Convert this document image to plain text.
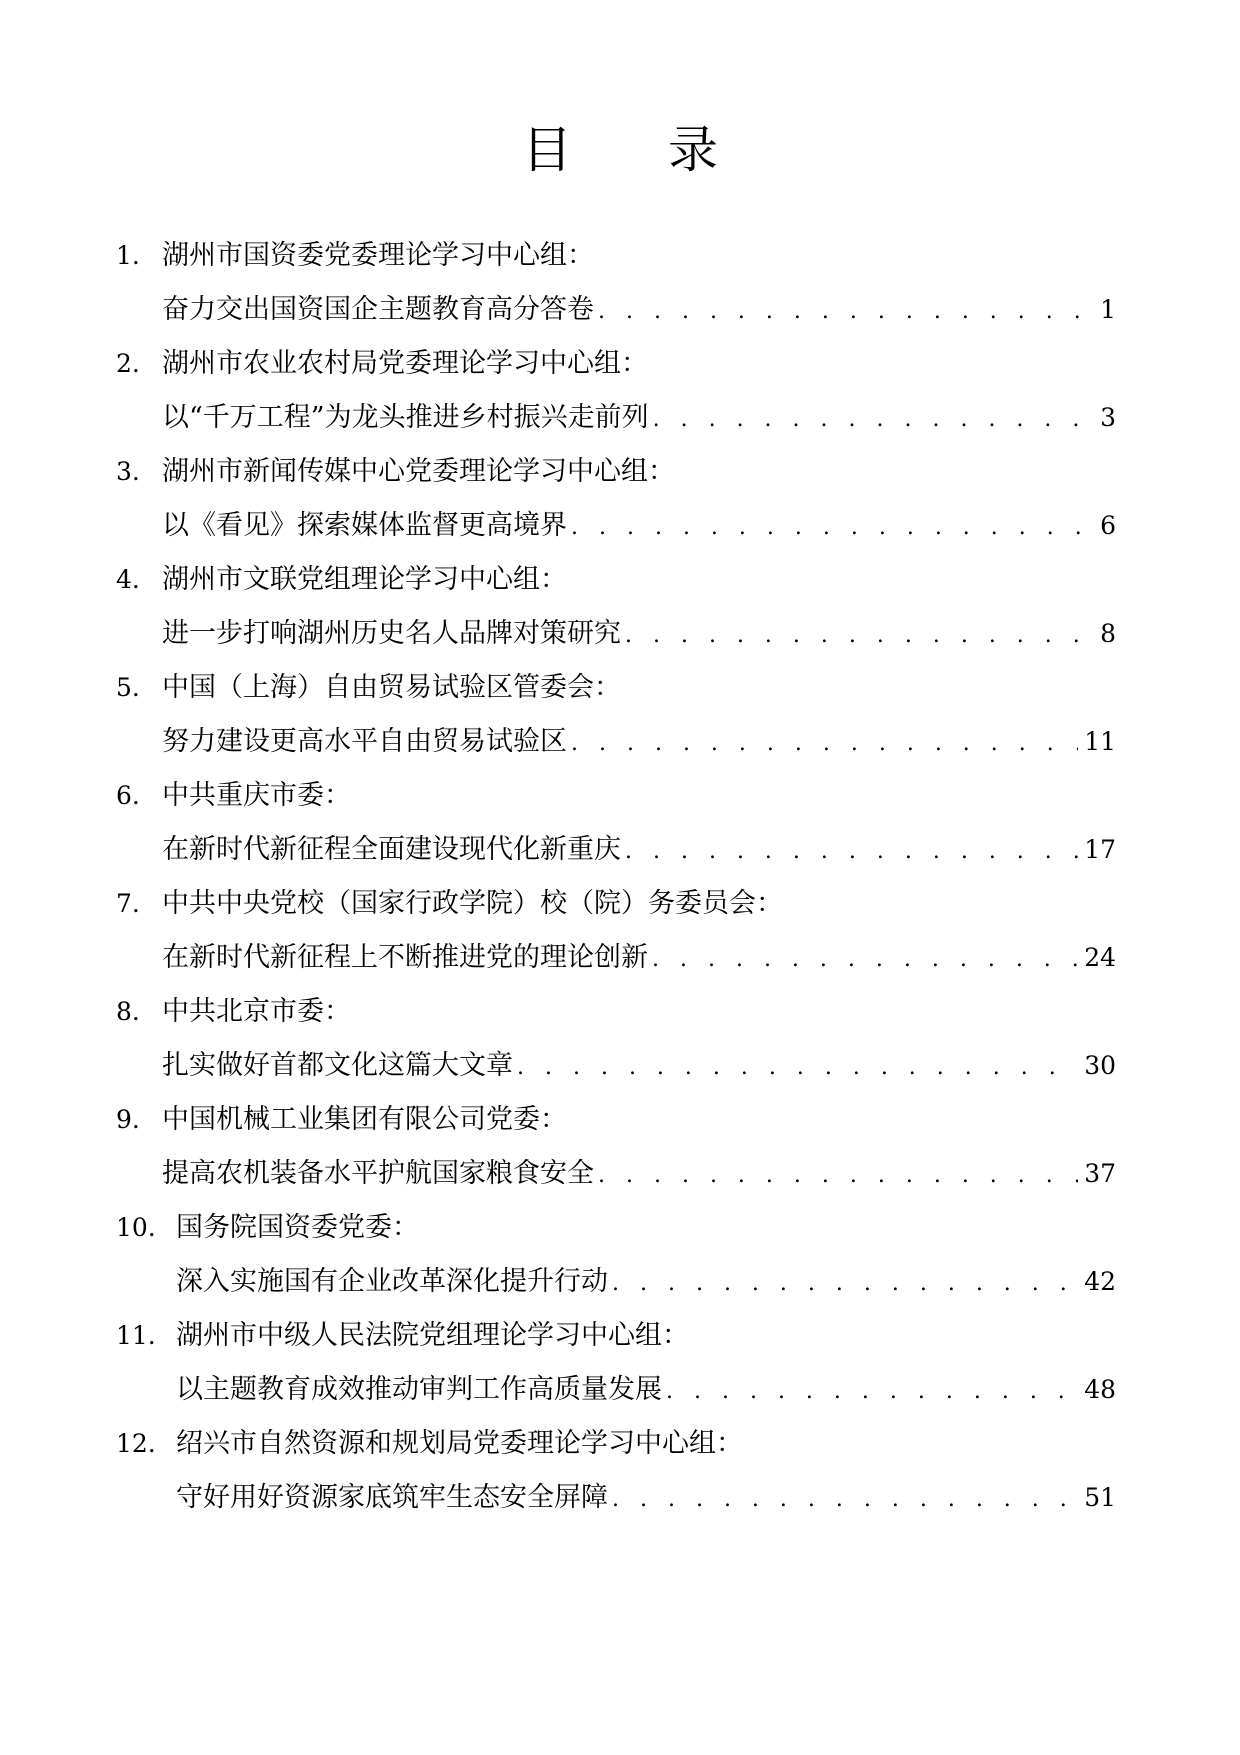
目 录
1. 湖州市国资委党委理论学习中心组：
奋力交出国资国企主题教育高分答卷 . . .	1
2. 湖州市农业农村局党委理论学习中心组：
以“千万工程”为龙头推进乡村振兴走前列 . . .	3
3. 湖州市新闻传媒中心党委理论学习中心组：
以《看见》探索媒体监督更高境界 . . .	6
4. 湖州市文联党组理论学习中心组：
进一步打响湖州历史名人品牌对策研究 . . .	8
5. 中国（上海）自由贸易试验区管委会：
努力建设更高水平自由贸易试验区 . . .	11
6. 中共重庆市委：
在新时代新征程全面建设现代化新重庆 . . .	17
7. 中共中央党校（国家行政学院）校（院）务委员会：
在新时代新征程上不断推进党的理论创新 . . .	24
8. 中共北京市委：
扎实做好首都文化这篇大文章 . . .	30
9. 中国机械工业集团有限公司党委：
提高农机装备水平护航国家粮食安全 . . .	37
10. 国务院国资委党委：
深入实施国有企业改革深化提升行动 . . .	42
11. 湖州市中级人民法院党组理论学习中心组：
以主题教育成效推动审判工作高质量发展 . . .	48
12. 绍兴市自然资源和规划局党委理论学习中心组：
守好用好资源家底筑牢生态安全屏障 . . .	51
